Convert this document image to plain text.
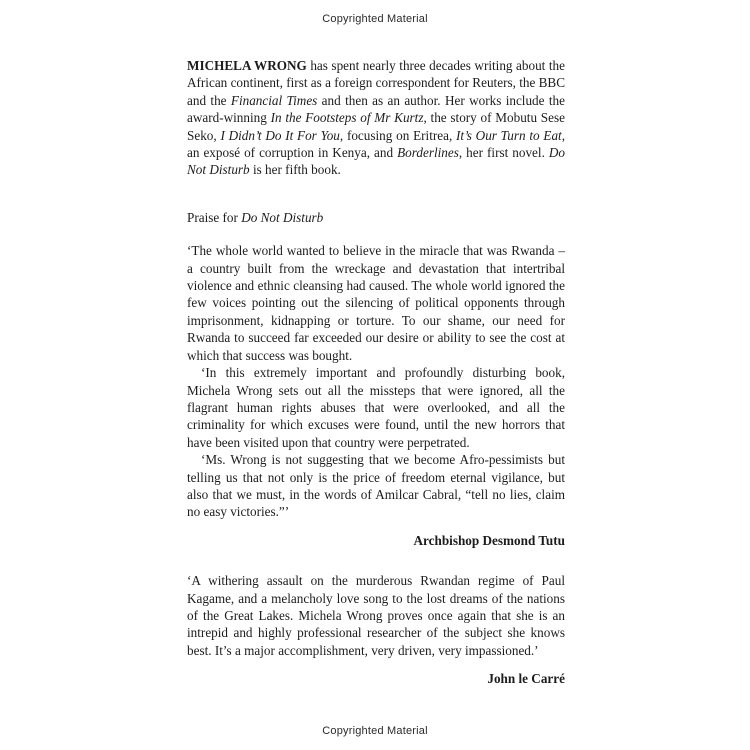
Copyrighted Material

MICHELA WRONG has spent nearly three decades writing about the African continent, first as a foreign correspondent for Reuters, the BBC and the Financial Times and then as an author. Her works include the award-winning In the Footsteps of Mr Kurtz, the story of Mobutu Sese Seko, I Didn’t Do It For You, focusing on Eritrea, It’s Our Turn to Eat, an exposé of corruption in Kenya, and Borderlines, her first novel. Do Not Disturb is her fifth book.

Praise for Do Not Disturb

‘The whole world wanted to believe in the miracle that was Rwanda – a country built from the wreckage and devastation that intertribal violence and ethnic cleansing had caused. The whole world ignored the few voices pointing out the silencing of political opponents through imprisonment, kidnapping or torture. To our shame, our need for Rwanda to succeed far exceeded our desire or ability to see the cost at which that success was bought.

‘In this extremely important and profoundly disturbing book, Michela Wrong sets out all the missteps that were ignored, all the flagrant human rights abuses that were overlooked, and all the criminality for which excuses were found, until the new horrors that have been visited upon that country were perpetrated.

‘Ms. Wrong is not suggesting that we become Afro-pessimists but telling us that not only is the price of freedom eternal vigilance, but also that we must, in the words of Amilcar Cabral, “tell no lies, claim no easy victories.”’

Archbishop Desmond Tutu

‘A withering assault on the murderous Rwandan regime of Paul Kagame, and a melancholy love song to the lost dreams of the nations of the Great Lakes. Michela Wrong proves once again that she is an intrepid and highly professional researcher of the subject she knows best. It’s a major accomplishment, very driven, very impassioned.’

John le Carré

Copyrighted Material
